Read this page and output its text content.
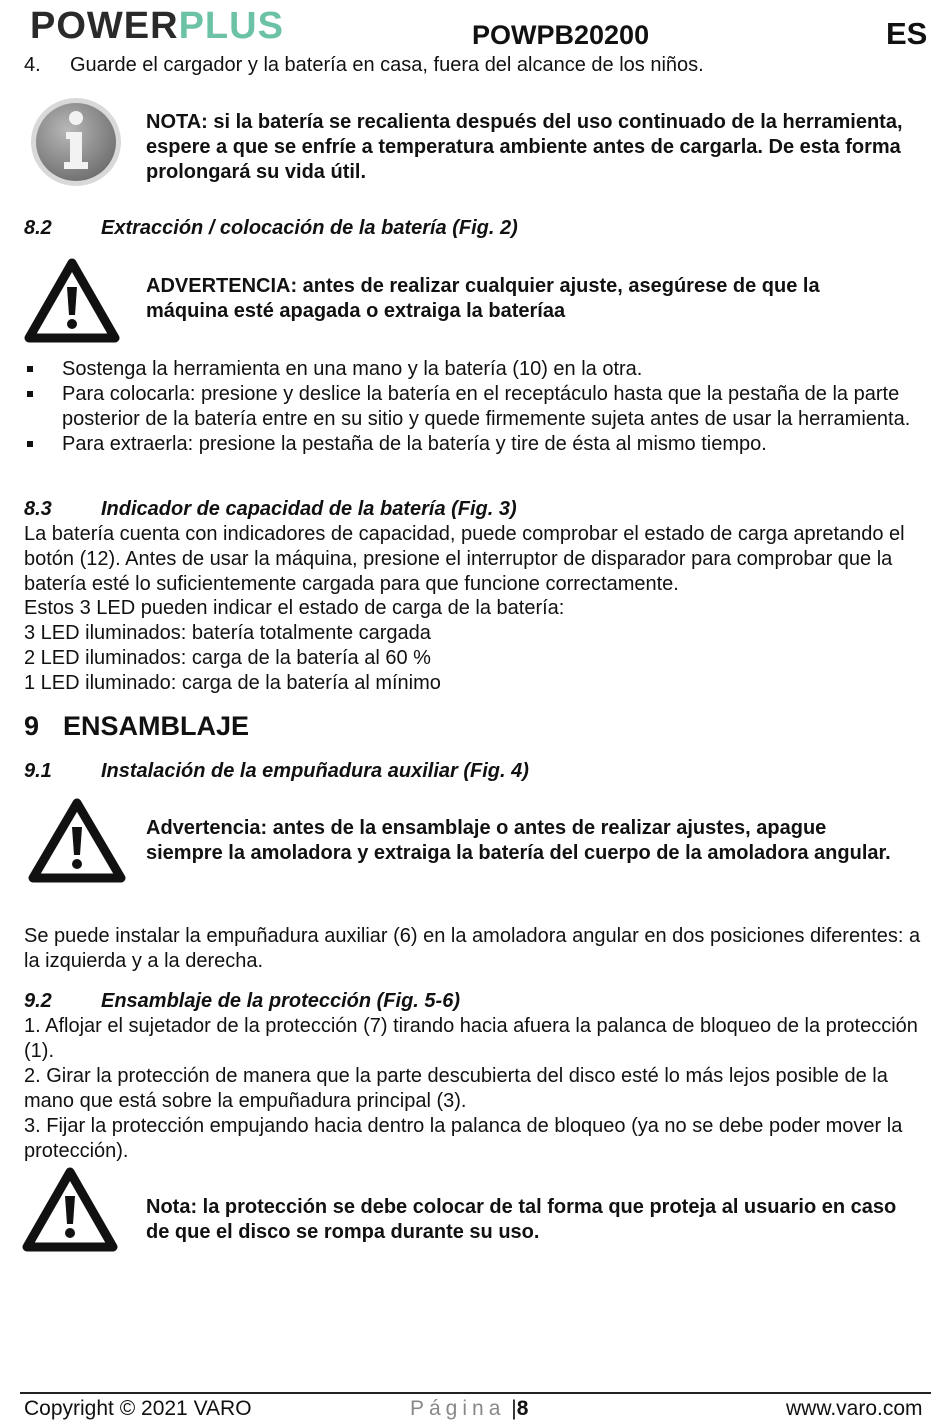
POWERPLUS	POWPB20200	ES
4. Guarde el cargador y la batería en casa, fuera del alcance de los niños.
NOTA: si la batería se recalienta después del uso continuado de la herramienta, espere a que se enfríe a temperatura ambiente antes de cargarla. De esta forma prolongará su vida útil.
8.2 Extracción / colocación de la batería (Fig. 2)
ADVERTENCIA: antes de realizar cualquier ajuste, asegúrese de que la máquina esté apagada o extraiga la bateríaa
Sostenga la herramienta en una mano y la batería (10) en la otra.
Para colocarla: presione y deslice la batería en el receptáculo hasta que la pestaña de la parte posterior de la batería entre en su sitio y quede firmemente sujeta antes de usar la herramienta.
Para extraerla: presione la pestaña de la batería y tire de ésta al mismo tiempo.
8.3 Indicador de capacidad de la batería (Fig. 3)
La batería cuenta con indicadores de capacidad, puede comprobar el estado de carga apretando el botón (12). Antes de usar la máquina, presione el interruptor de disparador para comprobar que la batería esté lo suficientemente cargada para que funcione correctamente.
Estos 3 LED pueden indicar el estado de carga de la batería:
3 LED iluminados: batería totalmente cargada
2 LED iluminados: carga de la batería al 60 %
1 LED iluminado: carga de la batería al mínimo
9 ENSAMBLAJE
9.1 Instalación de la empuñadura auxiliar (Fig. 4)
Advertencia: antes de la ensamblaje o antes de realizar ajustes, apague siempre la amoladora y extraiga la batería del cuerpo de la amoladora angular.
Se puede instalar la empuñadura auxiliar (6) en la amoladora angular en dos posiciones diferentes: a la izquierda y a la derecha.
9.2 Ensamblaje de la protección (Fig. 5-6)
1. Aflojar el sujetador de la protección (7) tirando hacia afuera la palanca de bloqueo de la protección (1).
2. Girar la protección de manera que la parte descubierta del disco esté lo más lejos posible de la mano que está sobre la empuñadura principal (3).
3. Fijar la protección empujando hacia dentro la palanca de bloqueo (ya no se debe poder mover la protección).
Nota: la protección se debe colocar de tal forma que proteja al usuario en caso de que el disco se rompa durante su uso.
Copyright © 2021 VARO	Página |8	www.varo.com
